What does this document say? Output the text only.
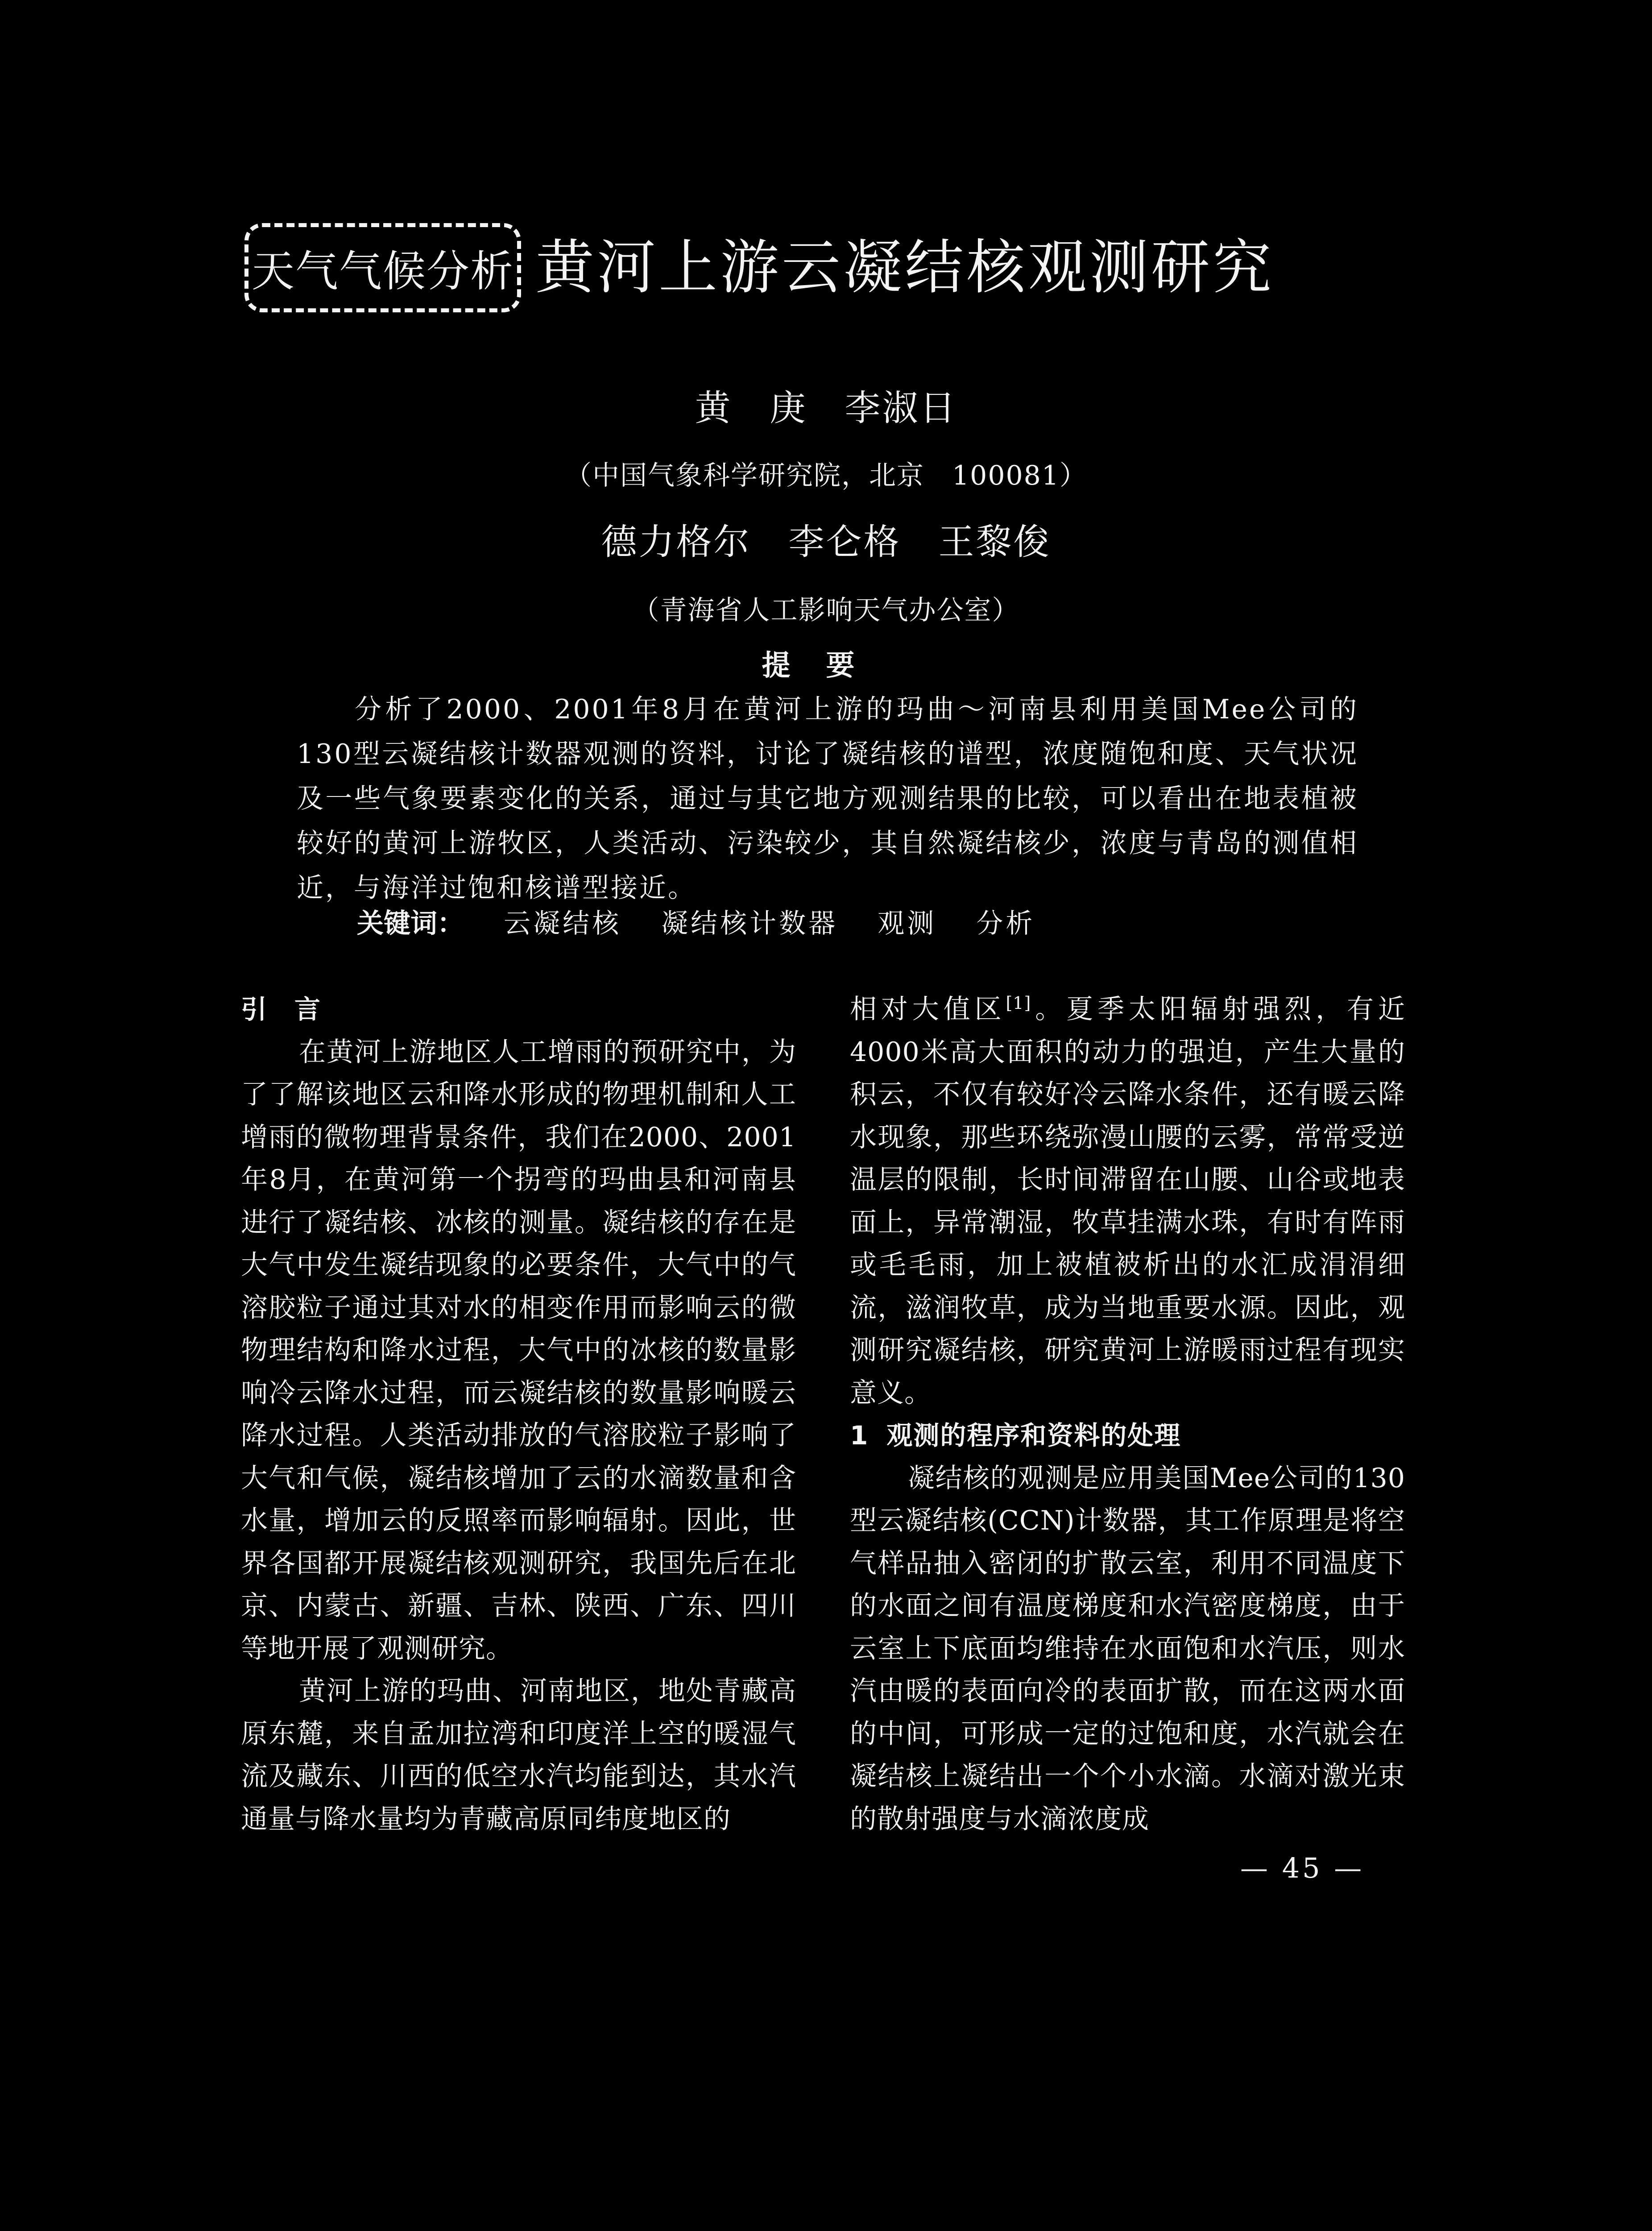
天气气候分析 黄河上游云凝结核观测研究
黄　庚　李淑日
（中国气象科学研究院，北京　100081）
德力格尔　李仑格　王黎俊
（青海省人工影响天气办公室）
提要
分析了2000、2001年8月在黄河上游的玛曲～河南县利用美国Mee公司的130型云凝结核计数器观测的资料，讨论了凝结核的谱型，浓度随饱和度、天气状况及一些气象要素变化的关系，通过与其它地方观测结果的比较，可以看出在地表植被较好的黄河上游牧区，人类活动、污染较少，其自然凝结核少，浓度与青岛的测值相近，与海洋过饱和核谱型接近。
关键词： 云凝结核 凝结核计数器 观测 分析
引　言

在黄河上游地区人工增雨的预研究中，为了了解该地区云和降水形成的物理机制和人工增雨的微物理背景条件，我们在2000、2001年8月，在黄河第一个拐弯的玛曲县和河南县进行了凝结核、冰核的测量。凝结核的存在是大气中发生凝结现象的必要条件，大气中的气溶胶粒子通过其对水的相变作用而影响云的微物理结构和降水过程，大气中的冰核的数量影响冷云降水过程，而云凝结核的数量影响暖云降水过程。人类活动排放的气溶胶粒子影响了大气和气候，凝结核增加了云的水滴数量和含水量，增加云的反照率而影响辐射。因此，世界各国都开展凝结核观测研究，我国先后在北京、内蒙古、新疆、吉林、陕西、广东、四川等地开展了观测研究。

黄河上游的玛曲、河南地区，地处青藏高原东麓，来自孟加拉湾和印度洋上空的暖湿气流及藏东、川西的低空水汽均能到达，其水汽通量与降水量均为青藏高原同纬度地区的

相对大值区[1]。夏季太阳辐射强烈，有近4000米高大面积的动力的强迫，产生大量的积云，不仅有较好冷云降水条件，还有暖云降水现象，那些环绕弥漫山腰的云雾，常常受逆温层的限制，长时间滞留在山腰、山谷或地表面上，异常潮湿，牧草挂满水珠，有时有阵雨或毛毛雨，加上被植被析出的水汇成涓涓细流，滋润牧草，成为当地重要水源。因此，观测研究凝结核，研究黄河上游暖雨过程有现实意义。

1 观测的程序和资料的处理

凝结核的观测是应用美国Mee公司的130型云凝结核(CCN)计数器，其工作原理是将空气样品抽入密闭的扩散云室，利用不同温度下的水面之间有温度梯度和水汽密度梯度，由于云室上下底面均维持在水面饱和水汽压，则水汽由暖的表面向冷的表面扩散，而在这两水面的中间，可形成一定的过饱和度，水汽就会在凝结核上凝结出一个个小水滴。水滴对激光束的散射强度与水滴浓度成

— 45 —
